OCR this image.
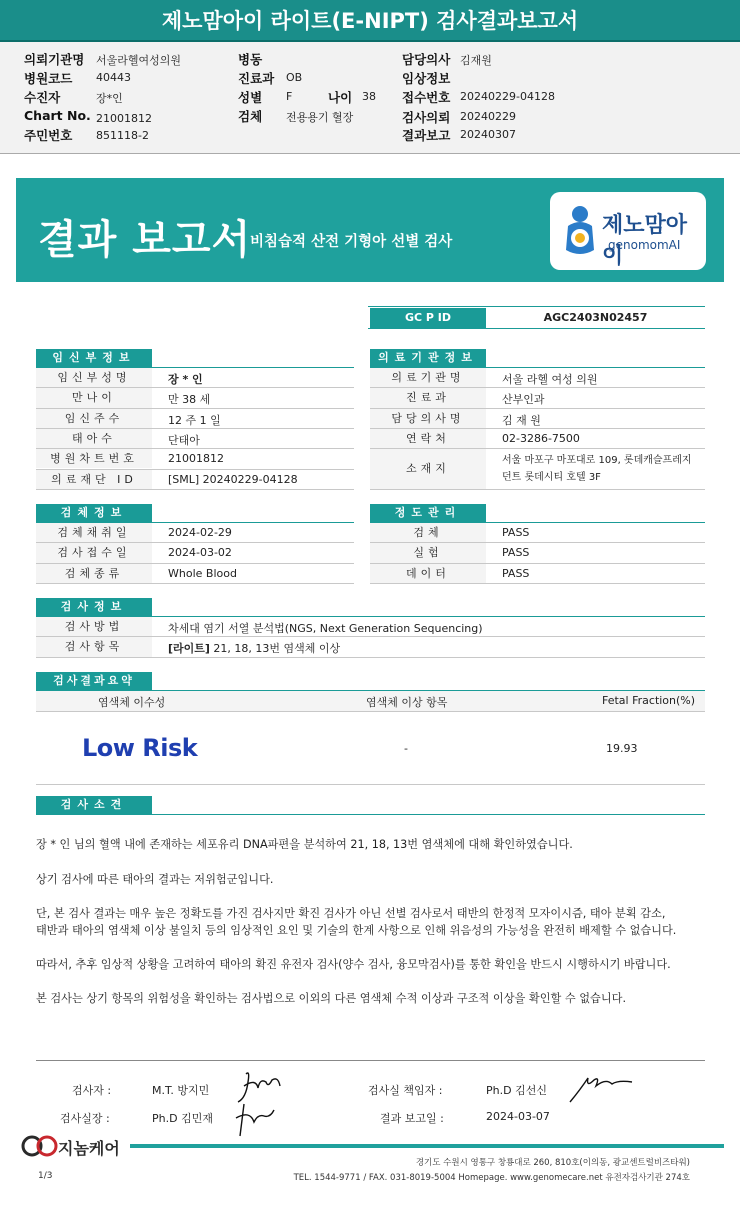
제노맘아이 라이트(E-NIPT) 검사결과보고서
의뢰기관명 서울라헬여성의원
병원코드 40443
수진자	장*인
Chart No. 21001812
주민번호 851118-2
병동
진료과 OB
성별 F	나이 38
검체 전용용기 혈장
담당의사 김재원
임상정보
접수번호 20240229-04128
검사의뢰 20240229
결과보고 20240307
결과 보고서
비침습적 산전 기형아 선별 검사
제노맘아이
genomomAI
GC P ID	AGC2403N02457
임신부정보	의료기관정보
검체정보	정도관리
검사정보
검사결과요약
염색체 이수성	염색체 이상 항목	Fetal Fraction(%)
Low Risk	-	19.93
검사소견
장 * 인 님의 혈액 내에 존재하는 세포유리 DNA파편을 분석하여 21, 18, 13번 염색체에 대해 확인하였습니다.
상기 검사에 따른 태아의 결과는 저위험군입니다.
단, 본 검사 결과는 매우 높은 정확도를 가진 검사지만 확진 검사가 아닌 선별 검사로서 태반의 한정적 모자이시즘, 태아 분획 감소,
태반과 태아의 염색체 이상 불일치 등의 임상적인 요인 및 기술의 한계 사항으로 인해 위음성의 가능성을 완전히 배제할 수 없습니다.
따라서, 추후 임상적 상황을 고려하여 태아의 확진 유전자 검사(양수 검사, 융모막검사)를 통한 확인을 반드시 시행하시기 바랍니다.
본 검사는 상기 항목의 위험성을 확인하는 검사법으로 이외의 다른 염색체 수적 이상과 구조적 이상을 확인할 수 없습니다.
검사자 :	M.T. 방지민
검사실장 :	Ph.D 김민재
검사실 책임자 :	Ph.D 김선신
결과 보고일 :	2024-03-07
지놈케어
경기도 수원시 영통구 창룡대로 260, 810호(이의동, 광교센트럴비즈타워)
TEL. 1544-9771 / FAX. 031-8019-5004 Homepage. www.genomecare.net 유전자검사기관 274호
1/3
임신부성명	장 * 인
만나이	만 38 세
임신주수	12 주 1 일
태아수	단태아
병원차트번호	21001812
의료재단 ID	[SML] 20240229-04128
의료기관명	서울 라헬 여성 의원
진료과	산부인과
담당의사명	김 재 원
연락처	02-3286-7500
소재지
서울 마포구 마포대로 109, 롯데캐슬프레지
던트 롯데시티 호텔 3F
검체채취일	2024-02-29
검사접수일	2024-03-02
검체종류	Whole Blood
검체	PASS
실험	PASS
데이터	PASS
검사방법	차세대 염기 서열 분석법(NGS, Next Generation Sequencing)
검사항목	[라이트] 21, 18, 13번 염색체 이상
